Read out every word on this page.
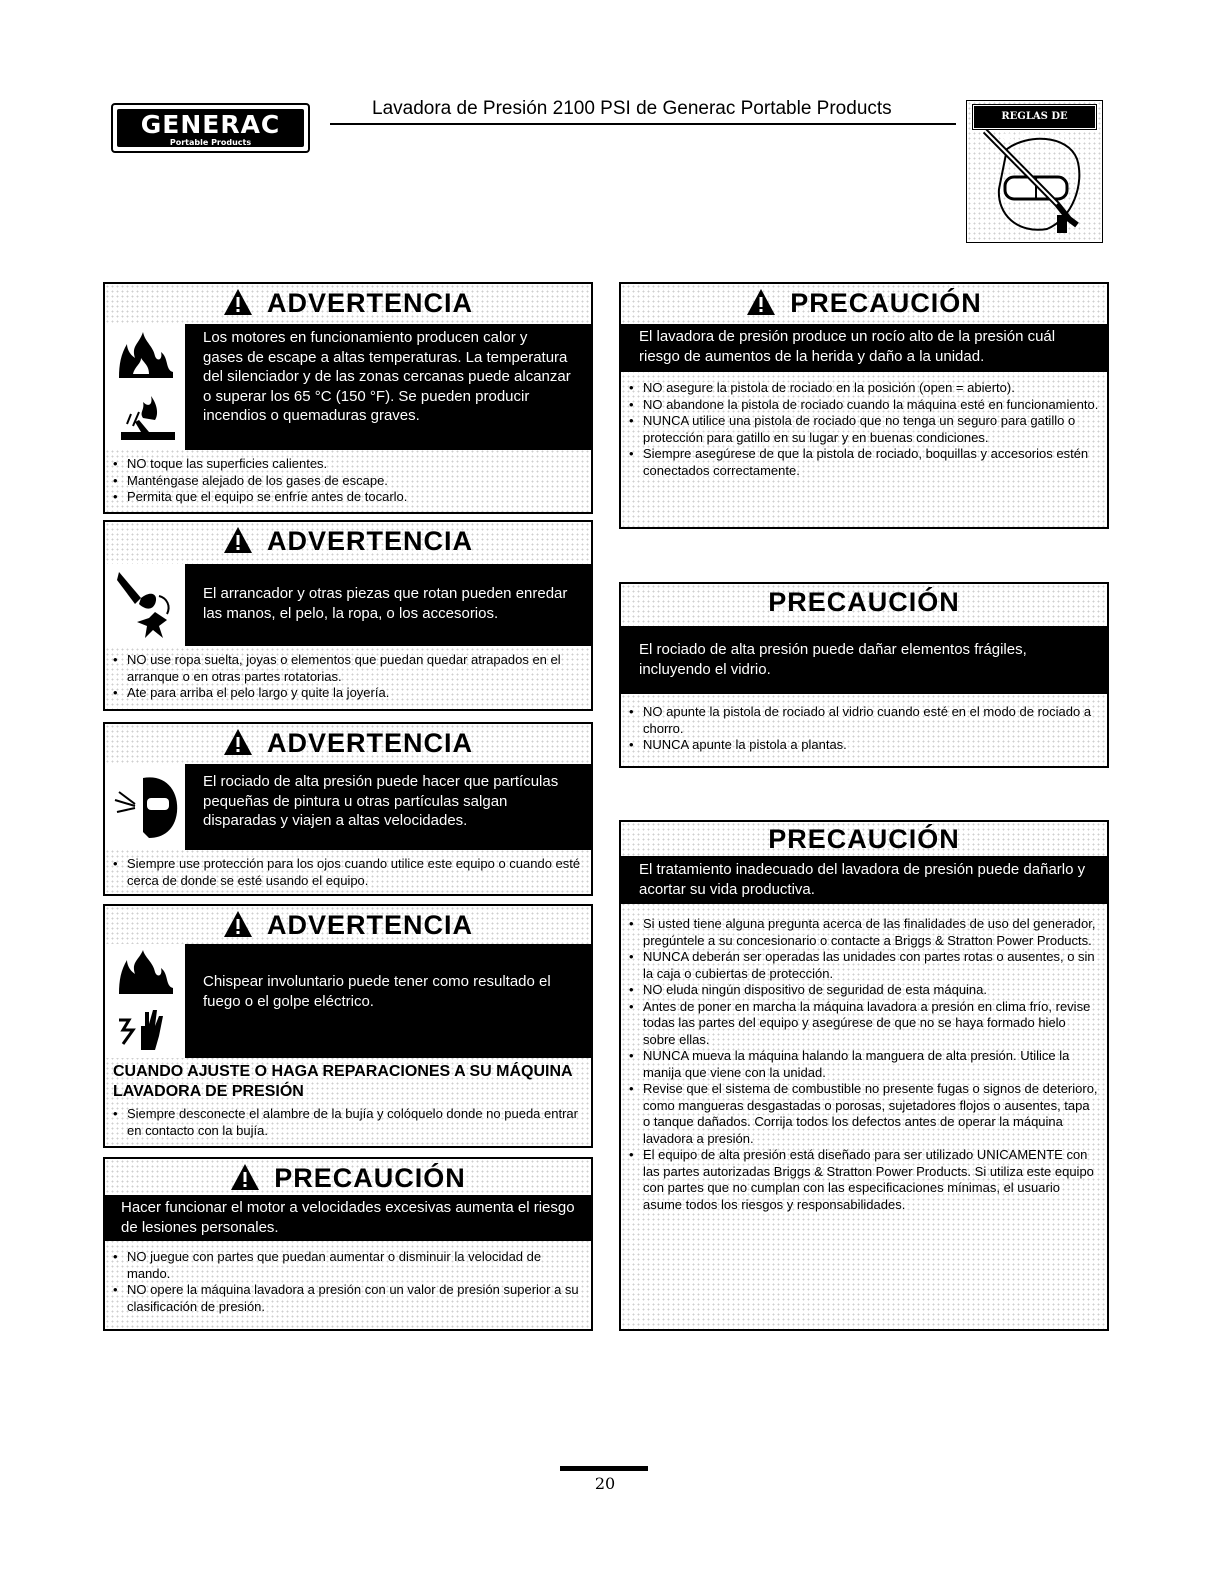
GENERAC
Portable Products
Lavadora de Presión 2100 PSI de Generac Portable Products	REGLAS DE SEGURIDAD
ADVERTENCIA
Los motores en funcionamiento producen calor y gases de escape a altas temperaturas. La temperatura del silenciador y de las zonas cercanas puede alcanzar o superar los 65 °C (150 °F). Se pueden producir incendios o quemaduras graves.
• NO toque las superficies calientes.
• Manténgase alejado de los gases de escape.
• Permita que el equipo se enfríe antes de tocarlo.
ADVERTENCIA
El arrancador y otras piezas que rotan pueden enredar las manos, el pelo, la ropa, o los accesorios.
• NO use ropa suelta, joyas o elementos que puedan quedar atrapados en el arranque o en otras partes rotatorias.
• Ate para arriba el pelo largo y quite la joyería.
ADVERTENCIA
El rociado de alta presión puede hacer que partículas pequeñas de pintura u otras partículas salgan disparadas y viajen a altas velocidades.
• Siempre use protección para los ojos cuando utilice este equipo o cuando esté cerca de donde se esté usando el equipo.
ADVERTENCIA
Chispear involuntario puede tener como resultado el fuego o el golpe eléctrico.
CUANDO AJUSTE O HAGA REPARACIONES A SU MÁQUINA LAVADORA DE PRESIÓN
• Siempre desconecte el alambre de la bujía y colóquelo donde no pueda entrar en contacto con la bujía.
PRECAUCIÓN
Hacer funcionar el motor a velocidades excesivas aumenta el riesgo de lesiones personales.
• NO juegue con partes que puedan aumentar o disminuir la velocidad de mando.
• NO opere la máquina lavadora a presión con un valor de presión superior a su clasificación de presión.
PRECAUCIÓN
El lavadora de presión produce un rocío alto de la presión cuál riesgo de aumentos de la herida y daño a la unidad.
• NO asegure la pistola de rociado en la posición (open = abierto).
• NO abandone la pistola de rociado cuando la máquina esté en funcionamiento.
• NUNCA utilice una pistola de rociado que no tenga un seguro para gatillo o protección para gatillo en su lugar y en buenas condiciones.
• Siempre asegúrese de que la pistola de rociado, boquillas y accesorios estén conectados correctamente.
PRECAUCIÓN
El rociado de alta presión puede dañar elementos frágiles, incluyendo el vidrio.
• NO apunte la pistola de rociado al vidrio cuando esté en el modo de rociado a chorro.
• NUNCA apunte la pistola a plantas.
PRECAUCIÓN
El tratamiento inadecuado del lavadora de presión puede dañarlo y acortar su vida productiva.
• Si usted tiene alguna pregunta acerca de las finalidades de uso del generador, pregúntele a su concesionario o contacte a Briggs & Stratton Power Products.
• NUNCA deberán ser operadas las unidades con partes rotas o ausentes, o sin la caja o cubiertas de protección.
• NO eluda ningún dispositivo de seguridad de esta máquina.
• Antes de poner en marcha la máquina lavadora a presión en clima frío, revise todas las partes del equipo y asegúrese de que no se haya formado hielo sobre ellas.
• NUNCA mueva la máquina halando la manguera de alta presión. Utilice la manija que viene con la unidad.
• Revise que el sistema de combustible no presente fugas o signos de deterioro, como mangueras desgastadas o porosas, sujetadores flojos o ausentes, tapa o tanque dañados. Corrija todos los defectos antes de operar la máquina lavadora a presión.
• El equipo de alta presión está diseñado para ser utilizado UNICAMENTE con las partes autorizadas Briggs & Stratton Power Products. Si utiliza este equipo con partes que no cumplan con las especificaciones mínimas, el usuario asume todos los riesgos y responsabilidades.
20
